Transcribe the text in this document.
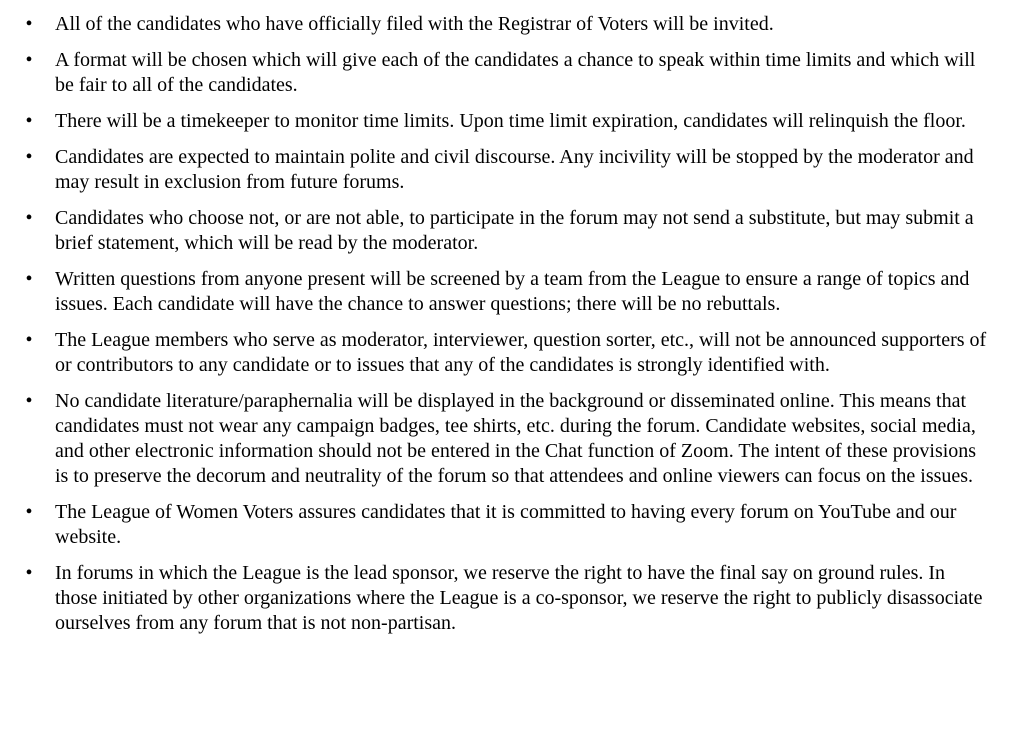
• All of the candidates who have officially filed with the Registrar of Voters will be invited.
• A format will be chosen which will give each of the candidates a chance to speak within time limits and which will be fair to all of the candidates.
• There will be a timekeeper to monitor time limits. Upon time limit expiration, candidates will relinquish the floor.
• Candidates are expected to maintain polite and civil discourse. Any incivility will be stopped by the moderator and may result in exclusion from future forums.
• Candidates who choose not, or are not able, to participate in the forum may not send a substitute, but may submit a brief statement, which will be read by the moderator.
• Written questions from anyone present will be screened by a team from the League to ensure a range of topics and issues. Each candidate will have the chance to answer questions; there will be no rebuttals.
• The League members who serve as moderator, interviewer, question sorter, etc., will not be announced supporters of or contributors to any candidate or to issues that any of the candidates is strongly identified with.
• No candidate literature/paraphernalia will be displayed in the background or disseminated online. This means that candidates must not wear any campaign badges, tee shirts, etc. during the forum. Candidate websites, social media, and other electronic information should not be entered in the Chat function of Zoom. The intent of these provisions is to preserve the decorum and neutrality of the forum so that attendees and online viewers can focus on the issues.
• The League of Women Voters assures candidates that it is committed to having every forum on YouTube and our website.
• In forums in which the League is the lead sponsor, we reserve the right to have the final say on ground rules. In those initiated by other organizations where the League is a co-sponsor, we reserve the right to publicly disassociate ourselves from any forum that is not non-partisan.
